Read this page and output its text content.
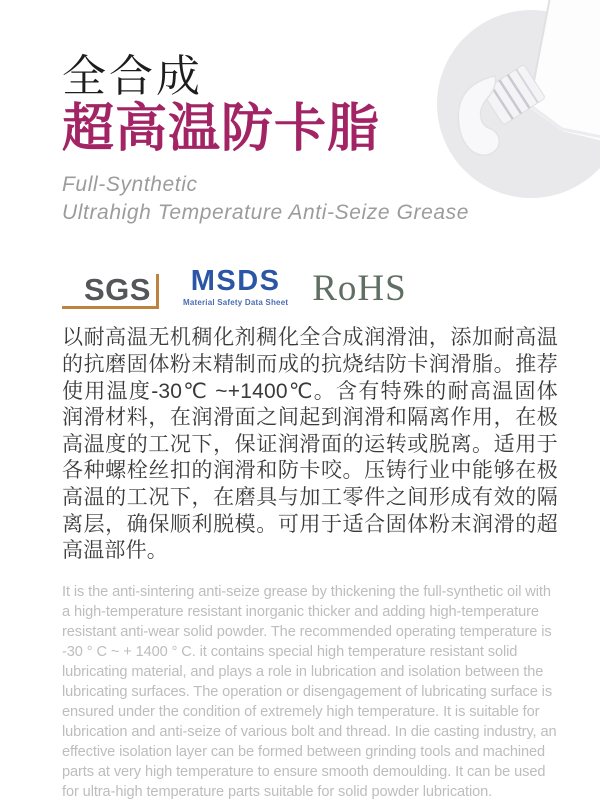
全合成
超高温防卡脂
Full-Synthetic
Ultrahigh Temperature Anti-Seize Grease
SGS MSDS
Material Safety Data Sheet RoHS

以耐高温无机稠化剂稠化全合成润滑油，添加耐高温的抗磨固体粉末精制而成的抗烧结防卡润滑脂。推荐使用温度-30℃ ~+1400℃。含有特殊的耐高温固体润滑材料，在润滑面之间起到润滑和隔离作用，在极高温度的工况下，保证润滑面的运转或脱离。适用于各种螺栓丝扣的润滑和防卡咬。压铸行业中能够在极高温的工况下，在磨具与加工零件之间形成有效的隔离层，确保顺利脱模。可用于适合固体粉末润滑的超高温部件。

It is the anti-sintering anti-seize grease by thickening the full-synthetic oil with a high-temperature resistant inorganic thicker and adding high-temperature resistant anti-wear solid powder. The recommended operating temperature is -30 ° C ~ + 1400 ° C. it contains special high temperature resistant solid lubricating material, and plays a role in lubrication and isolation between the lubricating surfaces. The operation or disengagement of lubricating surface is ensured under the condition of extremely high temperature. It is suitable for lubrication and anti-seize of various bolt and thread. In die casting industry, an effective isolation layer can be formed between grinding tools and machined parts at very high temperature to ensure smooth demoulding. It can be used for ultra-high temperature parts suitable for solid powder lubrication.
